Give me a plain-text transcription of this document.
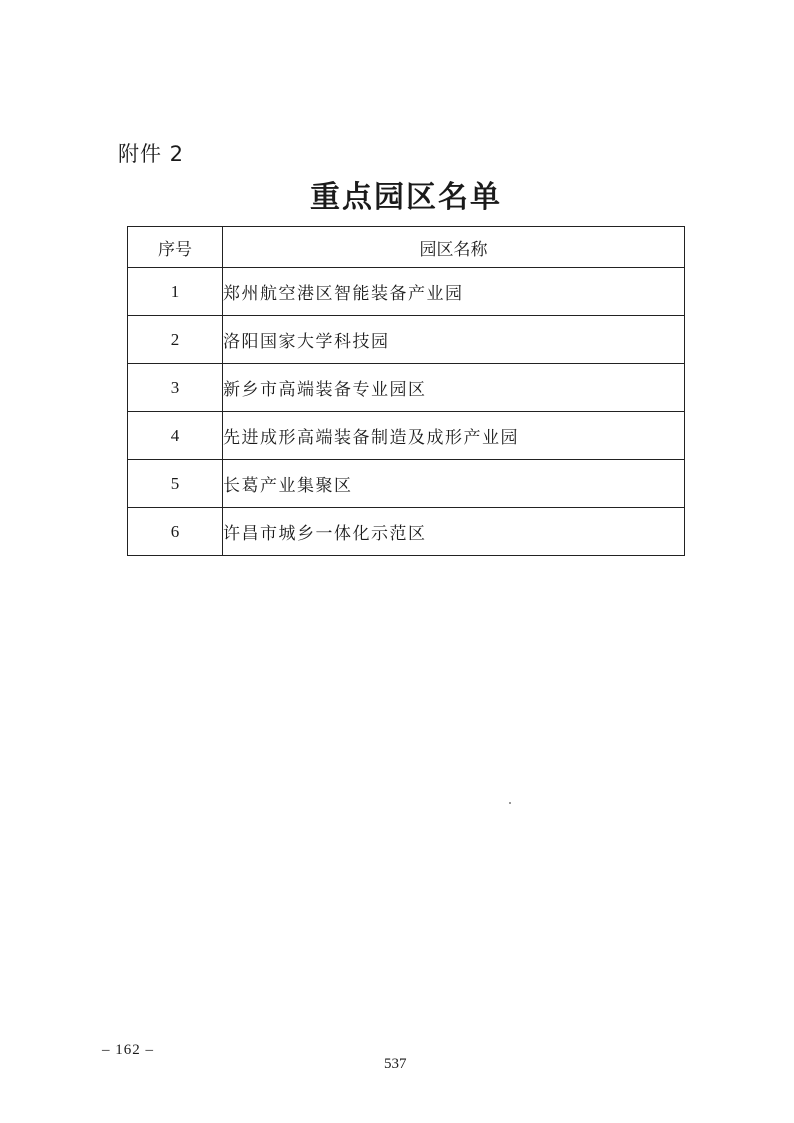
附件 2
重点园区名单
序号	园区名称
1	郑州航空港区智能装备产业园
2	洛阳国家大学科技园
3	新乡市高端装备专业园区
4	先进成形高端装备制造及成形产业园
5	长葛产业集聚区
6	许昌市城乡一体化示范区
– 162 –
537
